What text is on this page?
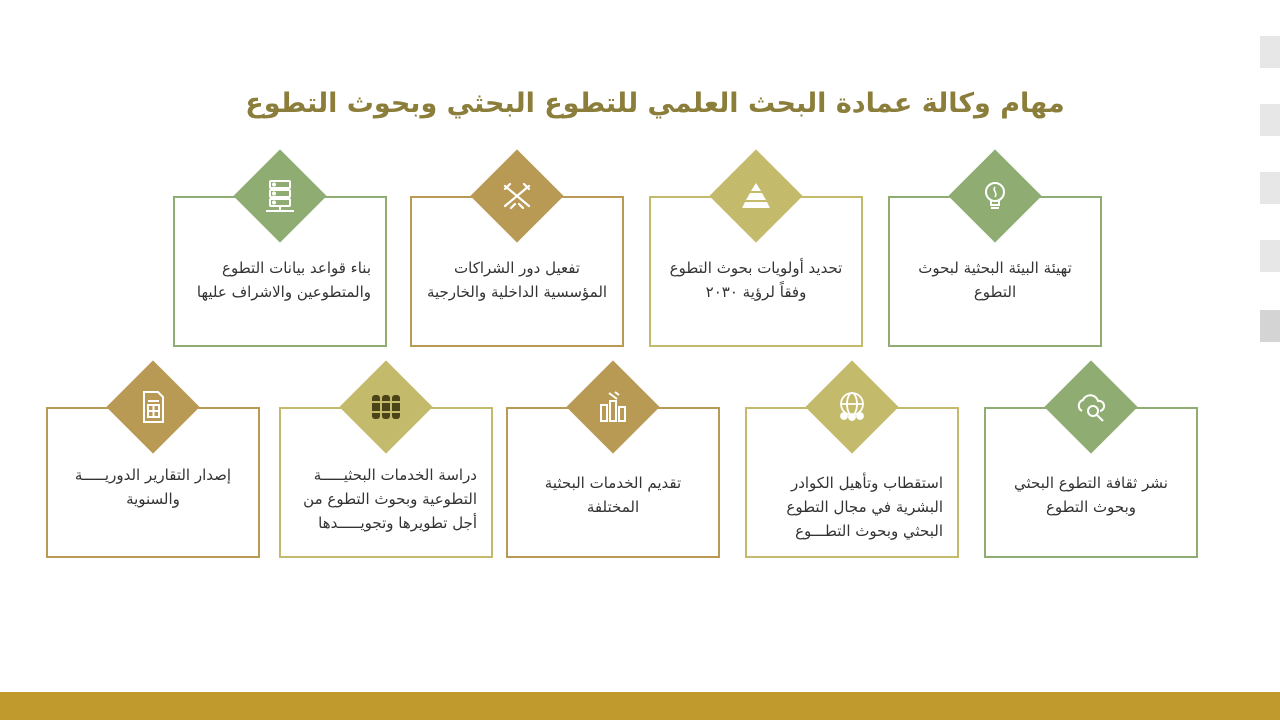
مهام وكالة عمادة البحث العلمي للتطوع البحثي وبحوث التطوع
تهيئة البيئة البحثية لبحوث التطوع
تحديد أولويات بحوث التطوع وفقاً لرؤية ٢٠٣٠
تفعيل دور الشراكات المؤسسية الداخلية والخارجية
بناء قواعد بيانات التطوع والمتطوعين والاشراف عليها
نشر ثقافة التطوع البحثي وبحوث التطوع
استقطاب وتأهيل الكوادر البشرية في مجال التطوع البحثي وبحوث التطـــوع
تقديم الخدمات البحثية المختلفة
دراسة الخدمات البحثيـــــة التطوعية وبحوث التطوع من أجل تطويرها وتجويـــــدها
إصدار التقارير الدوريـــــة والسنوية
